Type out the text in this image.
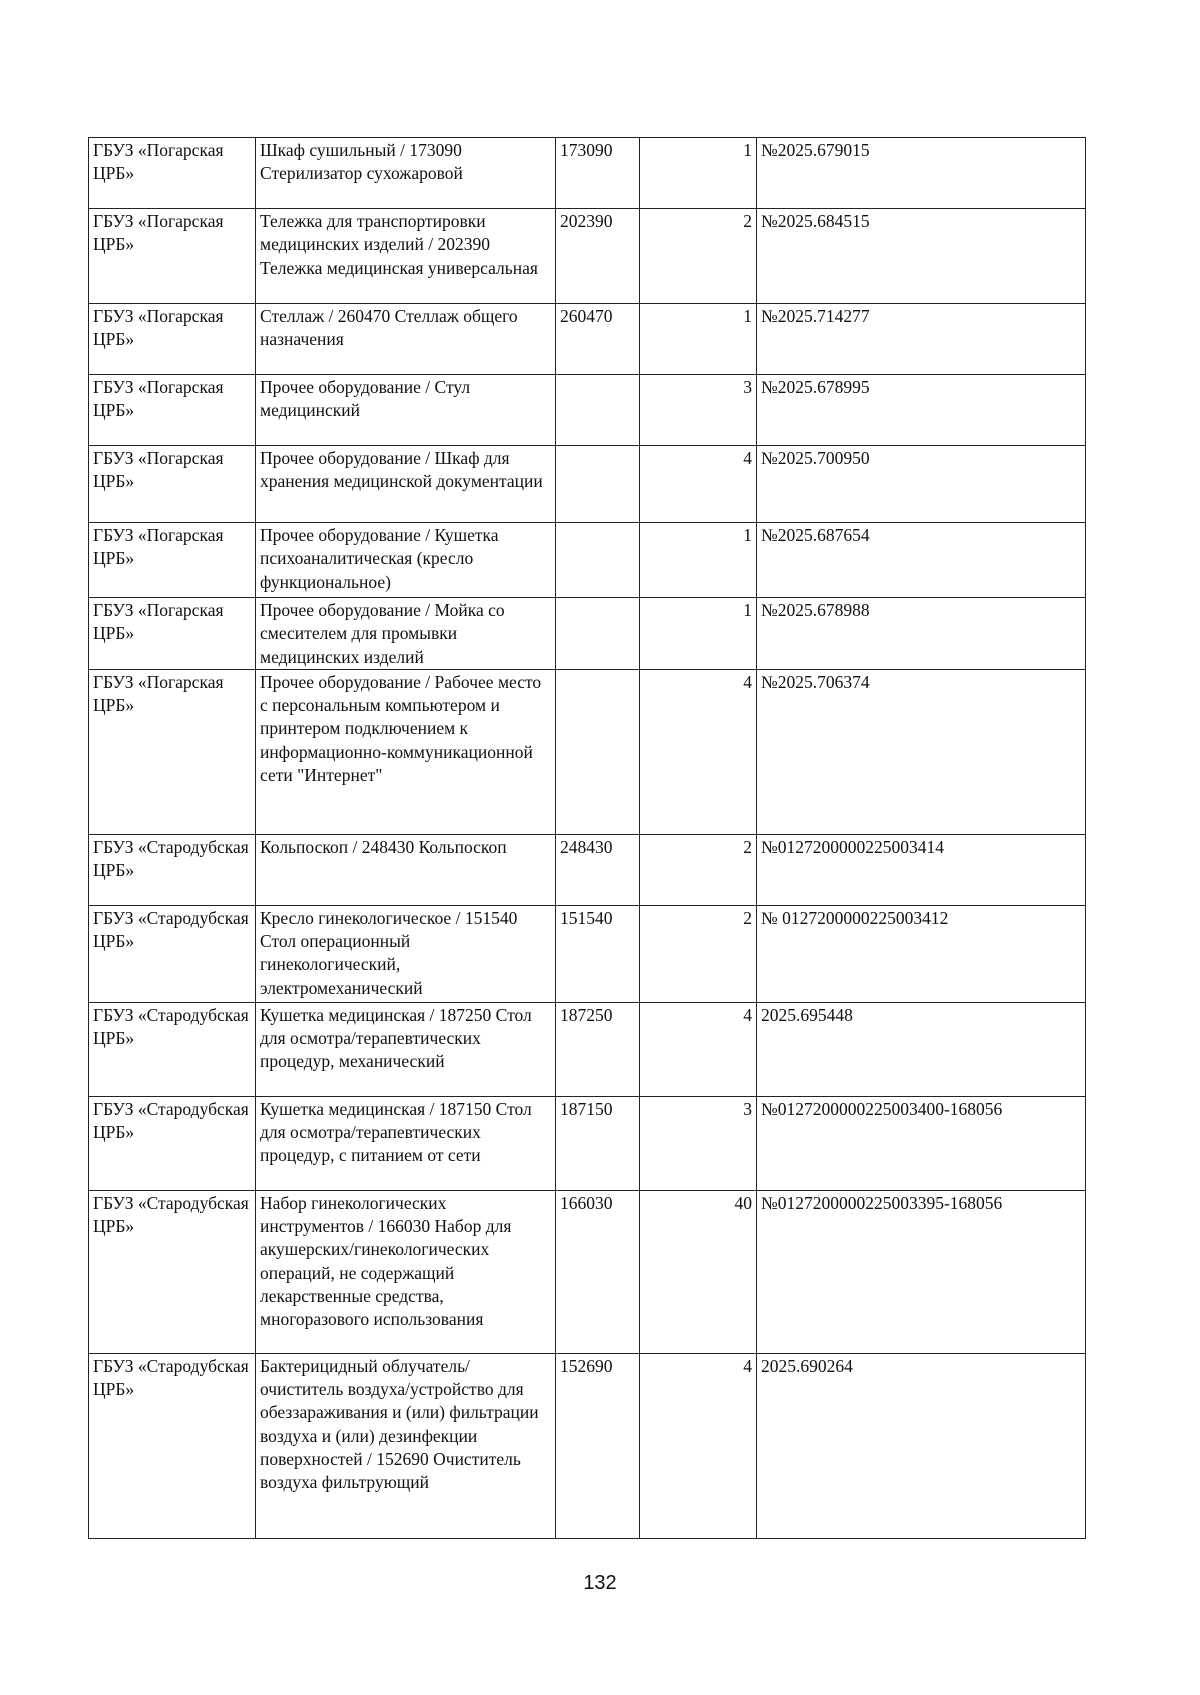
ГБУЗ «Погарская ЦРБ»	Шкаф сушильный / 173090 Стерилизатор сухожаровой	173090	1	№2025.679015
ГБУЗ «Погарская ЦРБ»	Тележка для транспортировки медицинских изделий / 202390 Тележка медицинская универсальная	202390	2	№2025.684515
ГБУЗ «Погарская ЦРБ»	Стеллаж / 260470 Стеллаж общего назначения	260470	1	№2025.714277
ГБУЗ «Погарская ЦРБ»	Прочее оборудование / Стул медицинский		3	№2025.678995
ГБУЗ «Погарская ЦРБ»	Прочее оборудование / Шкаф для хранения медицинской документации		4	№2025.700950
ГБУЗ «Погарская ЦРБ»	Прочее оборудование / Кушетка психоаналитическая (кресло функциональное)		1	№2025.687654
ГБУЗ «Погарская ЦРБ»	Прочее оборудование / Мойка со смесителем для промывки медицинских изделий		1	№2025.678988
ГБУЗ «Погарская ЦРБ»	Прочее оборудование / Рабочее место с персональным компьютером и принтером подключением к информационно-коммуникационной сети "Интернет"		4	№2025.706374
ГБУЗ «Стародубская ЦРБ»	Кольпоскоп / 248430 Кольпоскоп	248430	2	№0127200000225003414
ГБУЗ «Стародубская ЦРБ»	Кресло гинекологическое / 151540 Стол операционный гинекологический, электромеханический	151540	2	№ 0127200000225003412
ГБУЗ «Стародубская ЦРБ»	Кушетка медицинская / 187250 Стол для осмотра/терапевтических процедур, механический	187250	4	2025.695448
ГБУЗ «Стародубская ЦРБ»	Кушетка медицинская / 187150 Стол для осмотра/терапевтических процедур, с питанием от сети	187150	3	№0127200000225003400-168056
ГБУЗ «Стародубская ЦРБ»	Набор гинекологических инструментов / 166030 Набор для акушерских/гинекологических операций, не содержащий лекарственные средства, многоразового использования	166030	40	№0127200000225003395-168056
ГБУЗ «Стародубская ЦРБ»	Бактерицидный облучатель/очиститель воздуха/устройство для обеззараживания и (или) фильтрации воздуха и (или) дезинфекции поверхностей / 152690 Очиститель воздуха фильтрующий	152690	4	2025.690264
132
